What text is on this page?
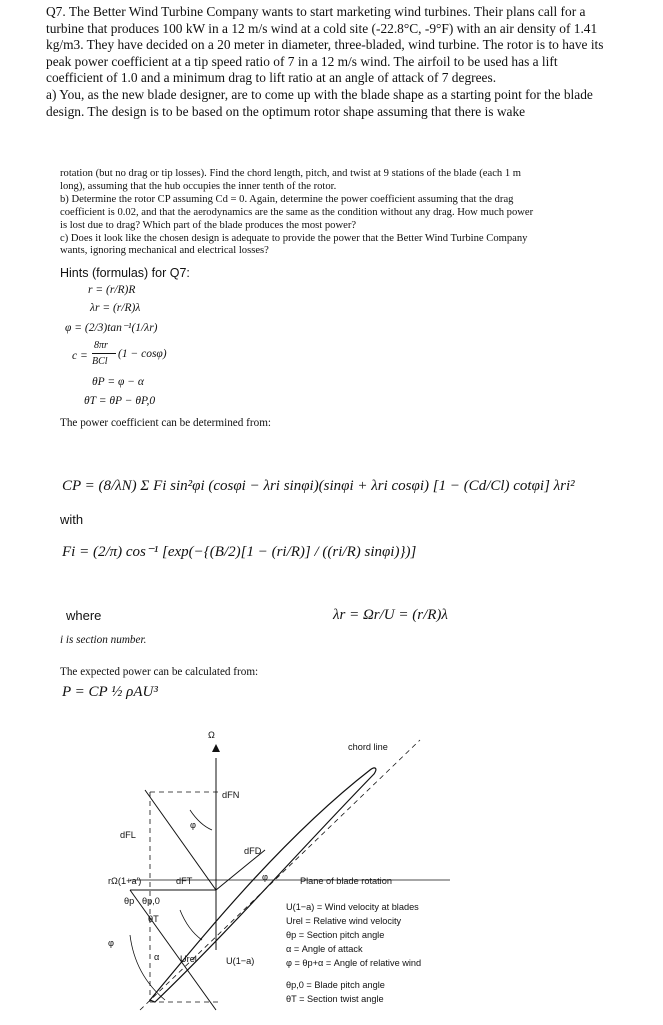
Q7. The Better Wind Turbine Company wants to start marketing wind turbines. Their plans call for a turbine that produces 100 kW in a 12 m/s wind at a cold site (-22.8°C, -9°F) with an air density of 1.41 kg/m3. They have decided on a 20 meter in diameter, three-bladed, wind turbine. The rotor is to have its peak power coefficient at a tip speed ratio of 7 in a 12 m/s wind. The airfoil to be used has a lift coefficient of 1.0 and a minimum drag to lift ratio at an angle of attack of 7 degrees.

a) You, as the new blade designer, are to come up with the blade shape as a starting point for the blade design. The design is to be based on the optimum rotor shape assuming that there is wake

rotation (but no drag or tip losses). Find the chord length, pitch, and twist at 9 stations of the blade (each 1 m long), assuming that the hub occupies the inner tenth of the rotor.

b) Determine the rotor CP assuming Cd = 0. Again, determine the power coefficient assuming that the drag coefficient is 0.02, and that the aerodynamics are the same as the condition without any drag. How much power is lost due to drag? Which part of the blade produces the most power?

c) Does it look like the chosen design is adequate to provide the power that the Better Wind Turbine Company wants, ignoring mechanical and electrical losses?

Hints (formulas) for Q7:
r = (r/R)R
λr = (r/R)λ
φ = (2/3)tan⁻¹(1/λr)
c =
8πr
BCl
(1 − cosφ)
θP = φ − α
θT = θP − θP,0
The power coefficient can be determined from:
CP = (8/λN) Σ Fi sin²φi (cosφi − λri sinφi)(sinφi + λri cosφi) [1 − (Cd/Cl) cotφi] λri²
with
Fi = (2/π) cos⁻¹ [exp(−{(B/2)[1 − (ri/R)] / ((ri/R) sinφi)})]
where	λr = Ωr/U = (r/R)λ
i is section number.
The expected power can be calculated from:
P = CP ½ ρAU³
Ω
chord line
dFN
dFL
dFD
φ
φ
rΩ(1+a′)	dFT
θp θp,0
θT
φ
α Urel	U(1−a)
Plane of blade rotation
U(1−a) = Wind velocity at blades
Urel = Relative wind velocity
θp = Section pitch angle
α = Angle of attack
φ = θp+α = Angle of relative wind
θp,0 = Blade pitch angle
θT = Section twist angle
